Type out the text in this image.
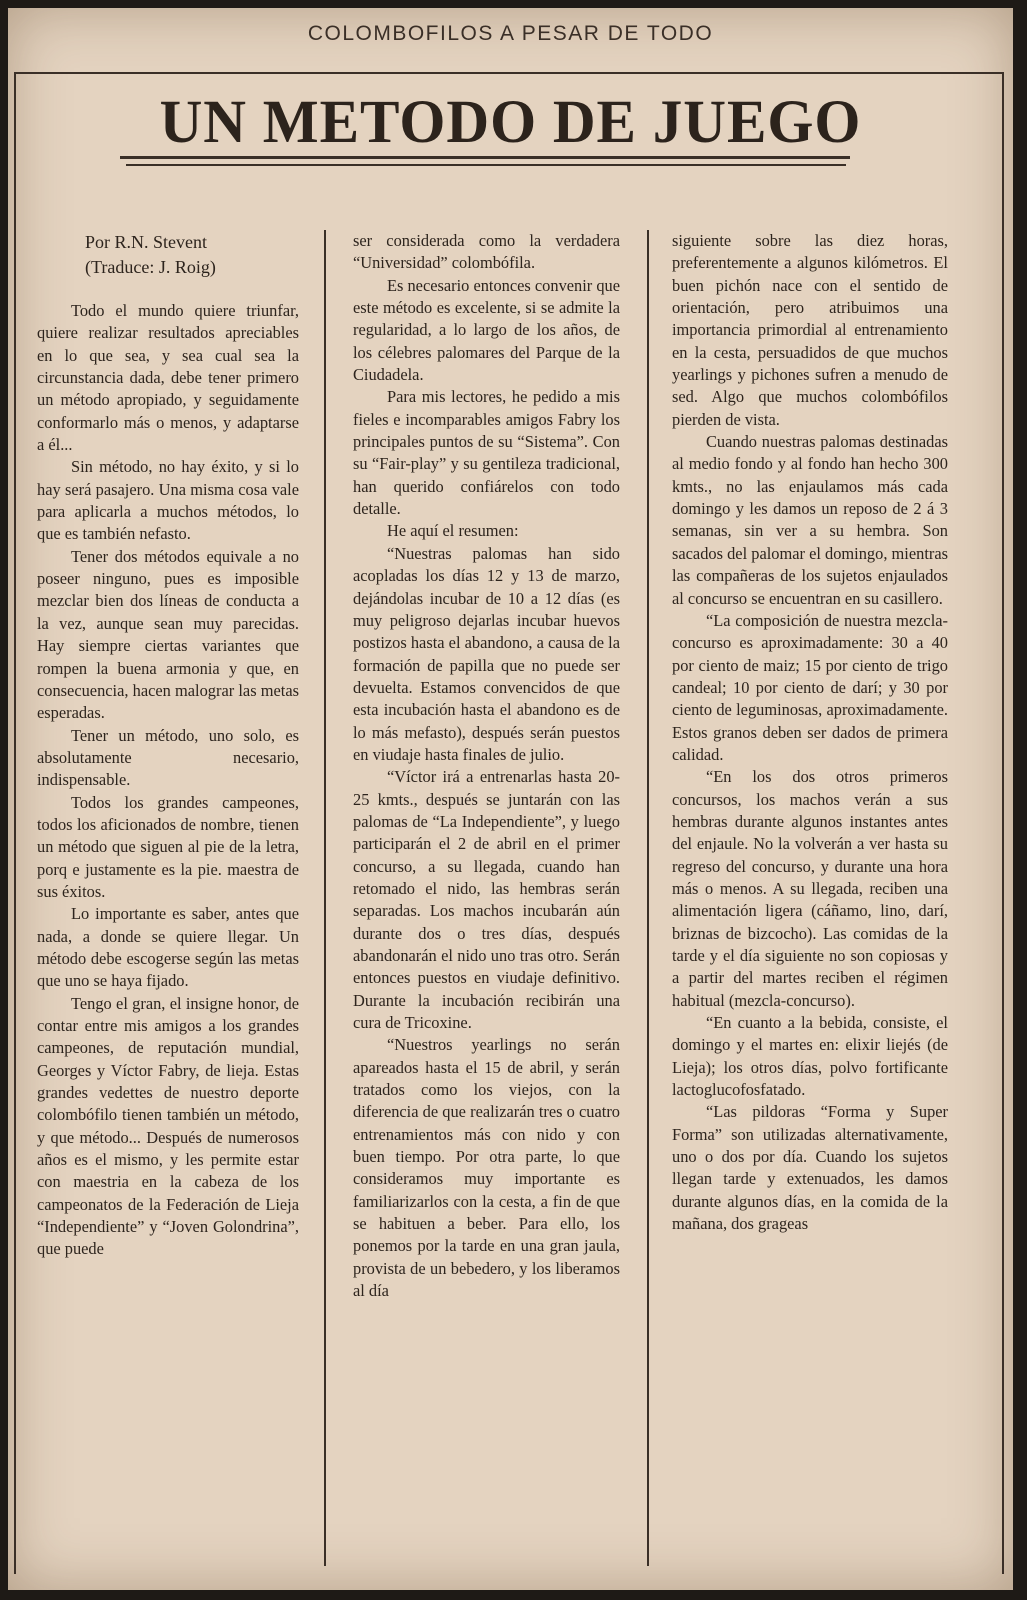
COLOMBOFILOS A PESAR DE TODO
UN METODO DE JUEGO
Por R.N. Stevent
(Traduce: J. Roig)

Todo el mundo quiere triunfar, quiere realizar resultados apreciables en lo que sea, y sea cual sea la circunstancia dada, debe tener primero un método apropiado, y seguidamente conformarlo más o menos, y adaptarse a él...

Sin método, no hay éxito, y si lo hay será pasajero. Una misma cosa vale para aplicarla a muchos métodos, lo que es también nefasto.

Tener dos métodos equivale a no poseer ninguno, pues es imposible mezclar bien dos líneas de conducta a la vez, aunque sean muy parecidas. Hay siempre ciertas variantes que rompen la buena armonia y que, en consecuencia, hacen malograr las metas esperadas.

Tener un método, uno solo, es absolutamente necesario, indispensable.

Todos los grandes campeones, todos los aficionados de nombre, tienen un método que siguen al pie de la letra, porq e justamente es la pie. maestra de sus éxitos.

Lo importante es saber, antes que nada, a donde se quiere llegar. Un método debe escogerse según las metas que uno se haya fijado.

Tengo el gran, el insigne honor, de contar entre mis amigos a los grandes campeones, de reputación mundial, Georges y Víctor Fabry, de lieja. Estas grandes vedettes de nuestro deporte colombófilo tienen también un método, y que método... Después de numerosos años es el mismo, y les permite estar con maestria en la cabeza de los campeonatos de la Federación de Lieja “Independiente” y “Joven Golondrina”, que puede

ser considerada como la verdadera “Universidad” colombófila.

Es necesario entonces convenir que este método es excelente, si se admite la regularidad, a lo largo de los años, de los célebres palomares del Parque de la Ciudadela.

Para mis lectores, he pedido a mis fieles e incomparables amigos Fabry los principales puntos de su “Sistema”. Con su “Fair-play” y su gentileza tradicional, han querido confiárelos con todo detalle.

He aquí el resumen:

“Nuestras palomas han sido acopladas los días 12 y 13 de marzo, dejándolas incubar de 10 a 12 días (es muy peligroso dejarlas incubar huevos postizos hasta el abandono, a causa de la formación de papilla que no puede ser devuelta. Estamos convencidos de que esta incubación hasta el abandono es de lo más mefasto), después serán puestos en viudaje hasta finales de julio.

“Víctor irá a entrenarlas hasta 20-25 kmts., después se juntarán con las palomas de “La Independiente”, y luego participarán el 2 de abril en el primer concurso, a su llegada, cuando han retomado el nido, las hembras serán separadas. Los machos incubarán aún durante dos o tres días, después abandonarán el nido uno tras otro. Serán entonces puestos en viudaje definitivo. Durante la incubación recibirán una cura de Tricoxine.

“Nuestros yearlings no serán apareados hasta el 15 de abril, y serán tratados como los viejos, con la diferencia de que realizarán tres o cuatro entrenamientos más con nido y con buen tiempo. Por otra parte, lo que consideramos muy importante es familiarizarlos con la cesta, a fin de que se habituen a beber. Para ello, los ponemos por la tarde en una gran jaula, provista de un bebedero, y los liberamos al día

siguiente sobre las diez horas, preferentemente a algunos kilómetros. El buen pichón nace con el sentido de orientación, pero atribuimos una importancia primordial al entrenamiento en la cesta, persuadidos de que muchos yearlings y pichones sufren a menudo de sed. Algo que muchos colombófilos pierden de vista.

Cuando nuestras palomas destinadas al medio fondo y al fondo han hecho 300 kmts., no las enjaulamos más cada domingo y les damos un reposo de 2 á 3 semanas, sin ver a su hembra. Son sacados del palomar el domingo, mientras las compañeras de los sujetos enjaulados al concurso se encuentran en su casillero.

“La composición de nuestra mezcla-concurso es aproximadamente: 30 a 40 por ciento de maiz; 15 por ciento de trigo candeal; 10 por ciento de darí; y 30 por ciento de leguminosas, aproximadamente. Estos granos deben ser dados de primera calidad.

“En los dos otros primeros concursos, los machos verán a sus hembras durante algunos instantes antes del enjaule. No la volverán a ver hasta su regreso del concurso, y durante una hora más o menos. A su llegada, reciben una alimentación ligera (cáñamo, lino, darí, briznas de bizcocho). Las comidas de la tarde y el día siguiente no son copiosas y a partir del martes reciben el régimen habitual (mezcla-concurso).

“En cuanto a la bebida, consiste, el domingo y el martes en: elixir liejés (de Lieja); los otros días, polvo fortificante lactoglucofosfatado.

“Las pildoras “Forma y Super Forma” son utilizadas alternativamente, uno o dos por día. Cuando los sujetos llegan tarde y extenuados, les damos durante algunos días, en la comida de la mañana, dos grageas
